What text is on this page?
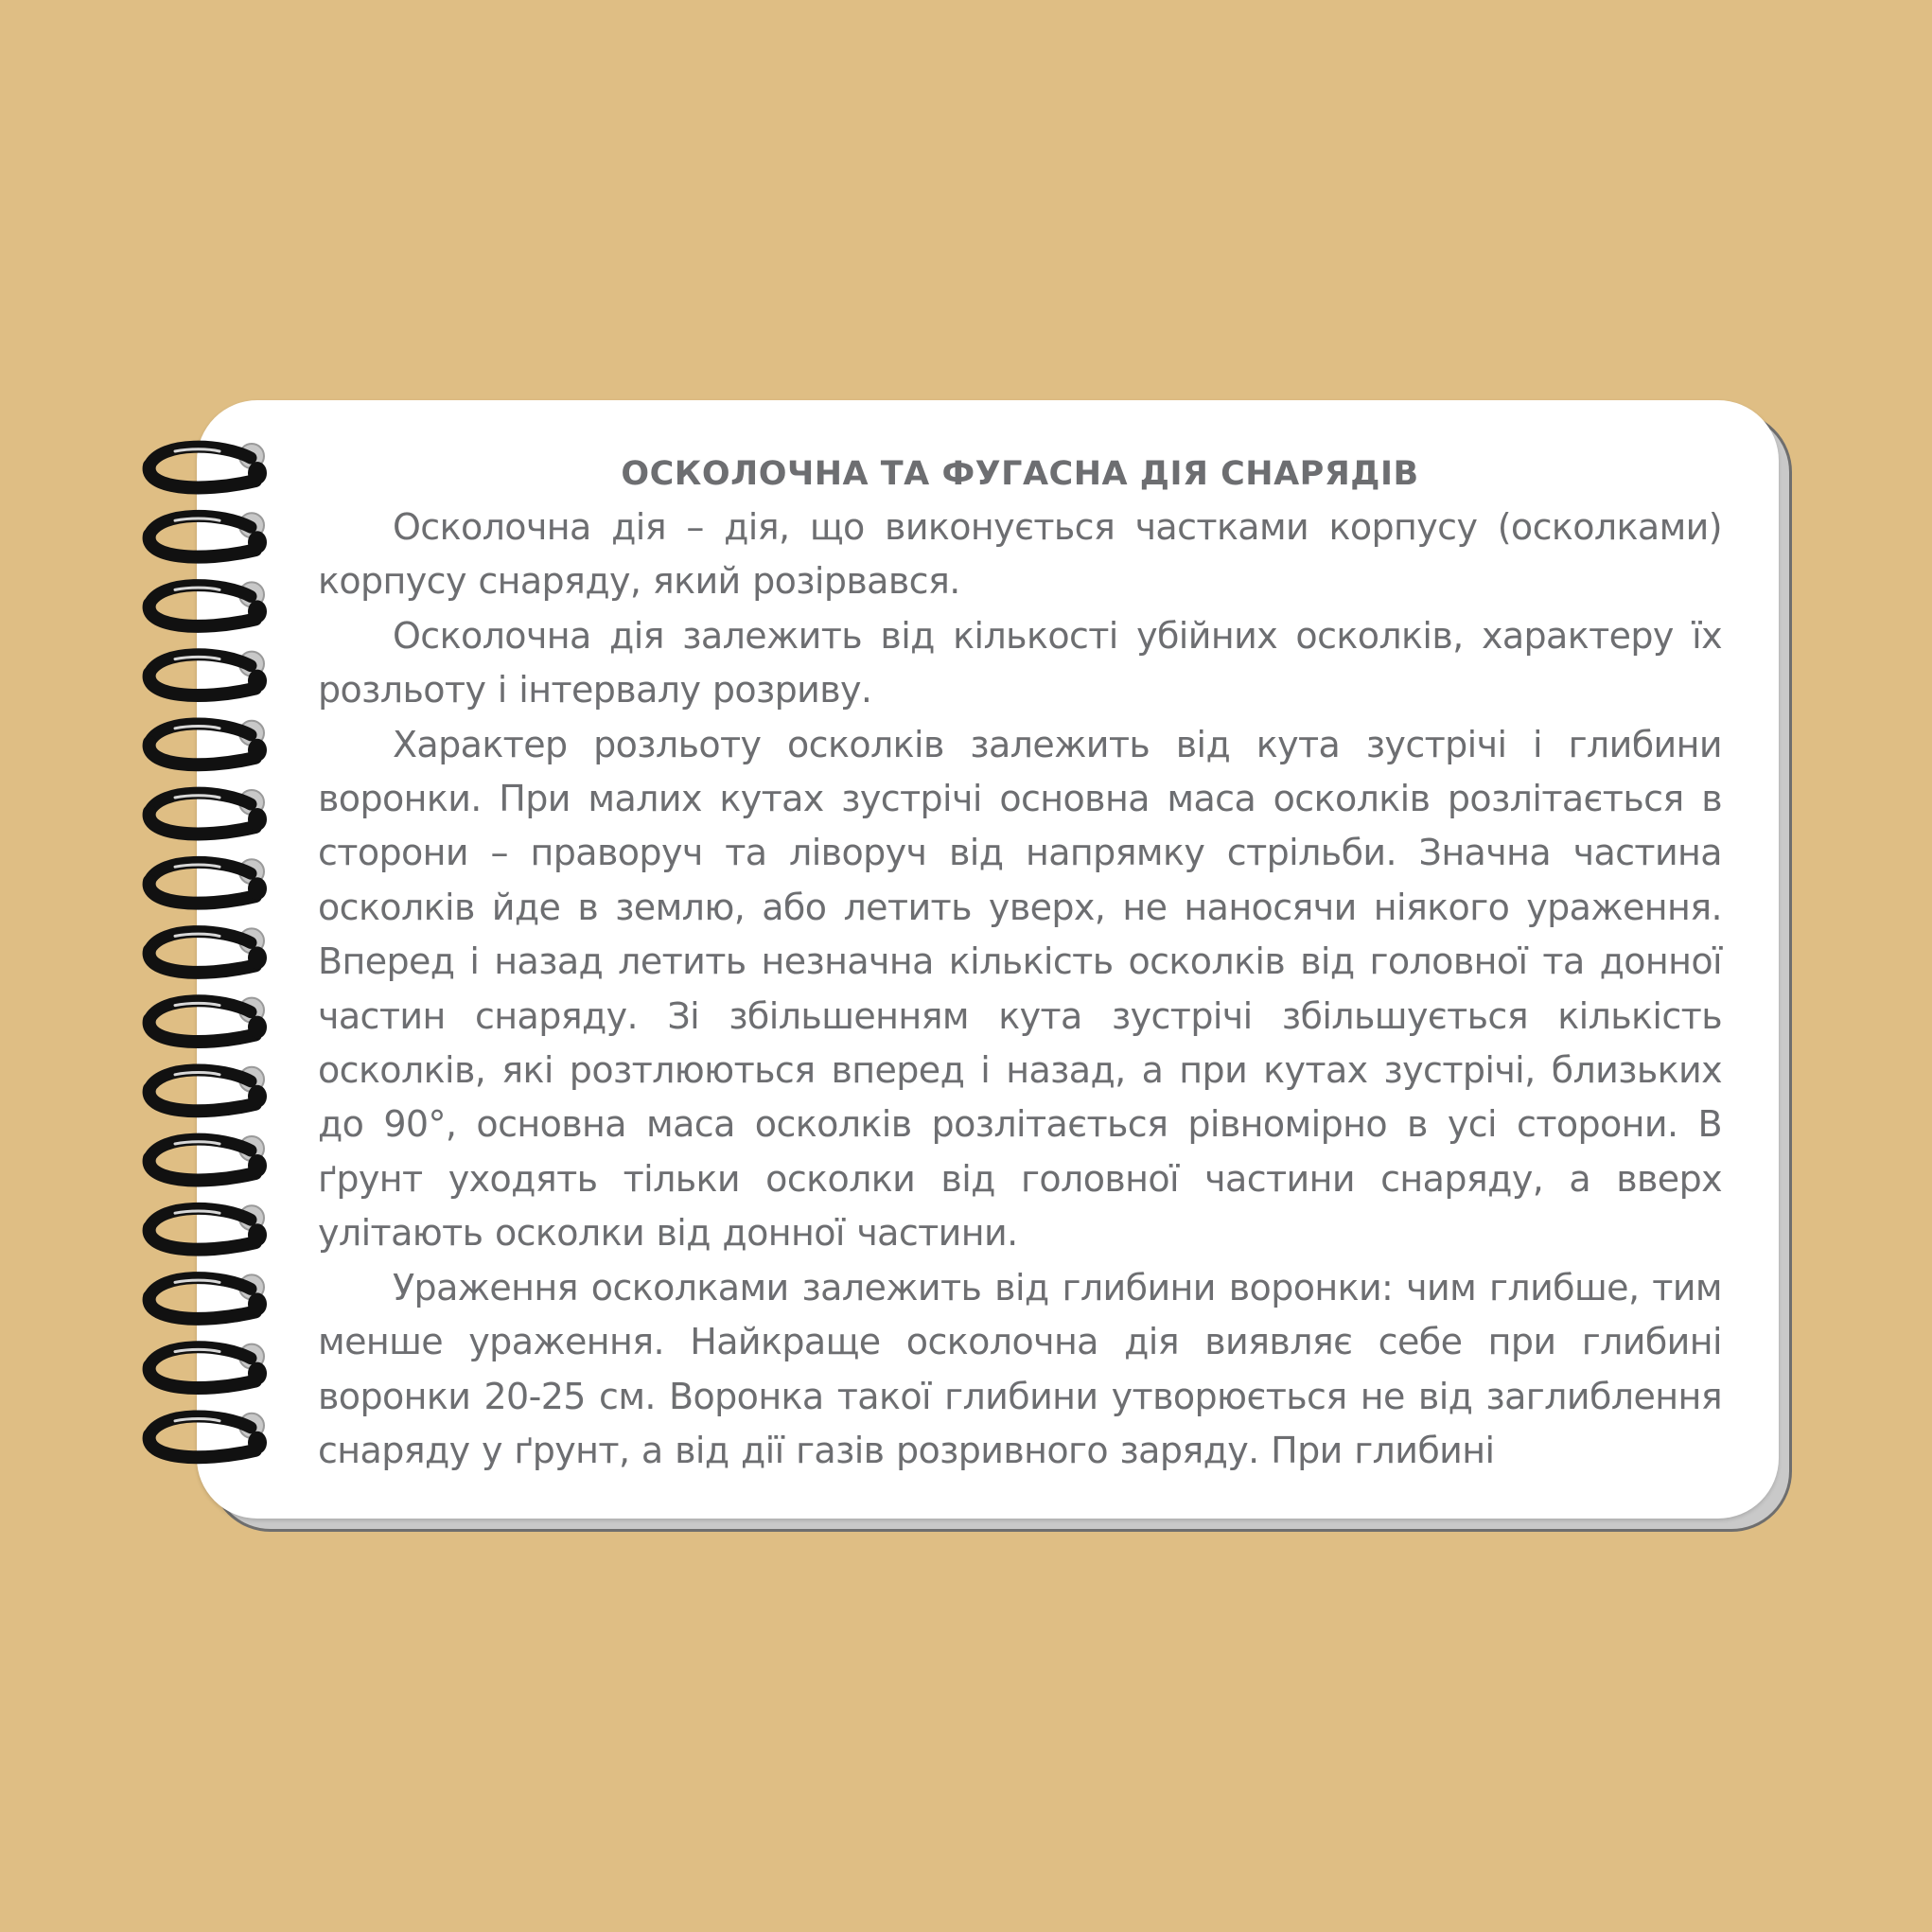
ОСКОЛОЧНА ТА ФУГАСНА ДІЯ СНАРЯДІВ

Осколочна дія – дія, що виконується частками корпусу (осколками) корпусу снаряду, який розірвався.

Осколочна дія залежить від кількості убійних осколків, характеру їх розльоту і інтервалу розриву.

Характер розльоту осколків залежить від кута зустрічі і глибини воронки. При малих кутах зустрічі основна маса осколків розлітається в сторони – праворуч та ліворуч від напрямку стрільби. Значна частина осколків йде в землю, або летить уверх, не наносячи ніякого ураження. Вперед і назад летить незначна кількість осколків від головної та донної частин снаряду. Зі збільшенням кута зустрічі збільшується кількість осколків, які розтлюються вперед і назад, а при кутах зустрічі, близьких до 90°, основна маса осколків розлітається рівномірно в усі сторони. В ґрунт уходять тільки осколки від головної частини снаряду, а вверх улітають осколки від донної частини.

Ураження осколками залежить від глибини воронки: чим глибше, тим менше ураження. Найкраще осколочна дія виявляє себе при глибині воронки 20-25 см. Воронка такої глибини утворюється не від заглиблення снаряду у ґрунт, а від дії газів розривного заряду. При глибині
